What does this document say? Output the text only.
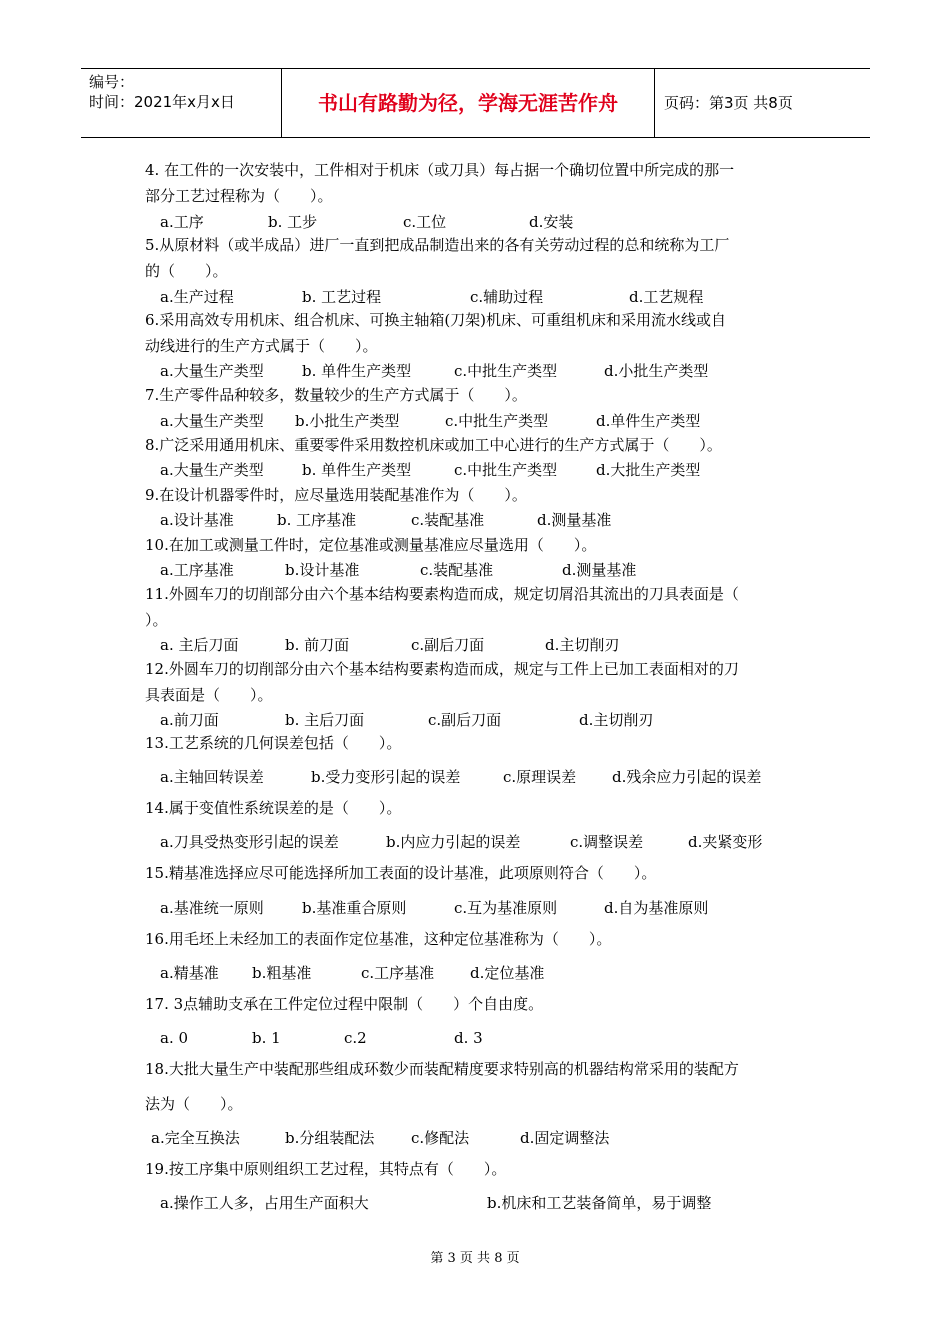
编号：
时间：2021年x月x日	书山有路勤为径，学海无涯苦作舟	页码：第3页 共8页
4. 在工件的一次安装中，工件相对于机床（或刀具）每占据一个确切位置中所完成的那一
部分工艺过程称为（　　）。
a.工序	b. 工步	c.工位	d.安装
5.从原材料（或半成品）进厂一直到把成品制造出来的各有关劳动过程的总和统称为工厂
的（　　）。
a.生产过程	b. 工艺过程	c.辅助过程	d.工艺规程
6.采用高效专用机床、组合机床、可换主轴箱(刀架)机床、可重组机床和采用流水线或自
动线进行的生产方式属于（　　）。
a.大量生产类型	b. 单件生产类型	c.中批生产类型	d.小批生产类型
7.生产零件品种较多，数量较少的生产方式属于（　　）。
a.大量生产类型 b.小批生产类型	c.中批生产类型	d.单件生产类型
8.广泛采用通用机床、重要零件采用数控机床或加工中心进行的生产方式属于（　　）。
a.大量生产类型	b. 单件生产类型	c.中批生产类型	d.大批生产类型
9.在设计机器零件时，应尽量选用装配基准作为（　　）。
a.设计基准	b. 工序基准	c.装配基准	d.测量基准
10.在加工或测量工件时，定位基准或测量基准应尽量选用（　　）。
a.工序基准	b.设计基准	c.装配基准	d.测量基准
11.外圆车刀的切削部分由六个基本结构要素构造而成，规定切屑沿其流出的刀具表面是（
）。
a. 主后刀面	b. 前刀面	c.副后刀面	d.主切削刃
12.外圆车刀的切削部分由六个基本结构要素构造而成，规定与工件上已加工表面相对的刀
具表面是（　　）。
a.前刀面	b. 主后刀面	c.副后刀面	d.主切削刃
13.工艺系统的几何误差包括（　　）。
a.主轴回转误差	b.受力变形引起的误差	c.原理误差 d.残余应力引起的误差
14.属于变值性系统误差的是（　　）。
a.刀具受热变形引起的误差	b.内应力引起的误差	c.调整误差	d.夹紧变形
15.精基准选择应尽可能选择所加工表面的设计基准，此项原则符合（　　）。
a.基准统一原则	b.基准重合原则	c.互为基准原则	d.自为基准原则
16.用毛坯上未经加工的表面作定位基准，这种定位基准称为（　　）。
a.精基准 b.粗基准	c.工序基准 d.定位基准
17. 3点辅助支承在工件定位过程中限制（　　）个自由度。
a. 0	b. 1	c.2	d. 3
18.大批大量生产中装配那些组成环数少而装配精度要求特别高的机器结构常采用的装配方
法为（　　）。
a.完全互换法	b.分组装配法 c.修配法	d.固定调整法
19.按工序集中原则组织工艺过程，其特点有（　　）。
a.操作工人多，占用生产面积大	b.机床和工艺装备简单，易于调整
第 3 页 共 8 页
